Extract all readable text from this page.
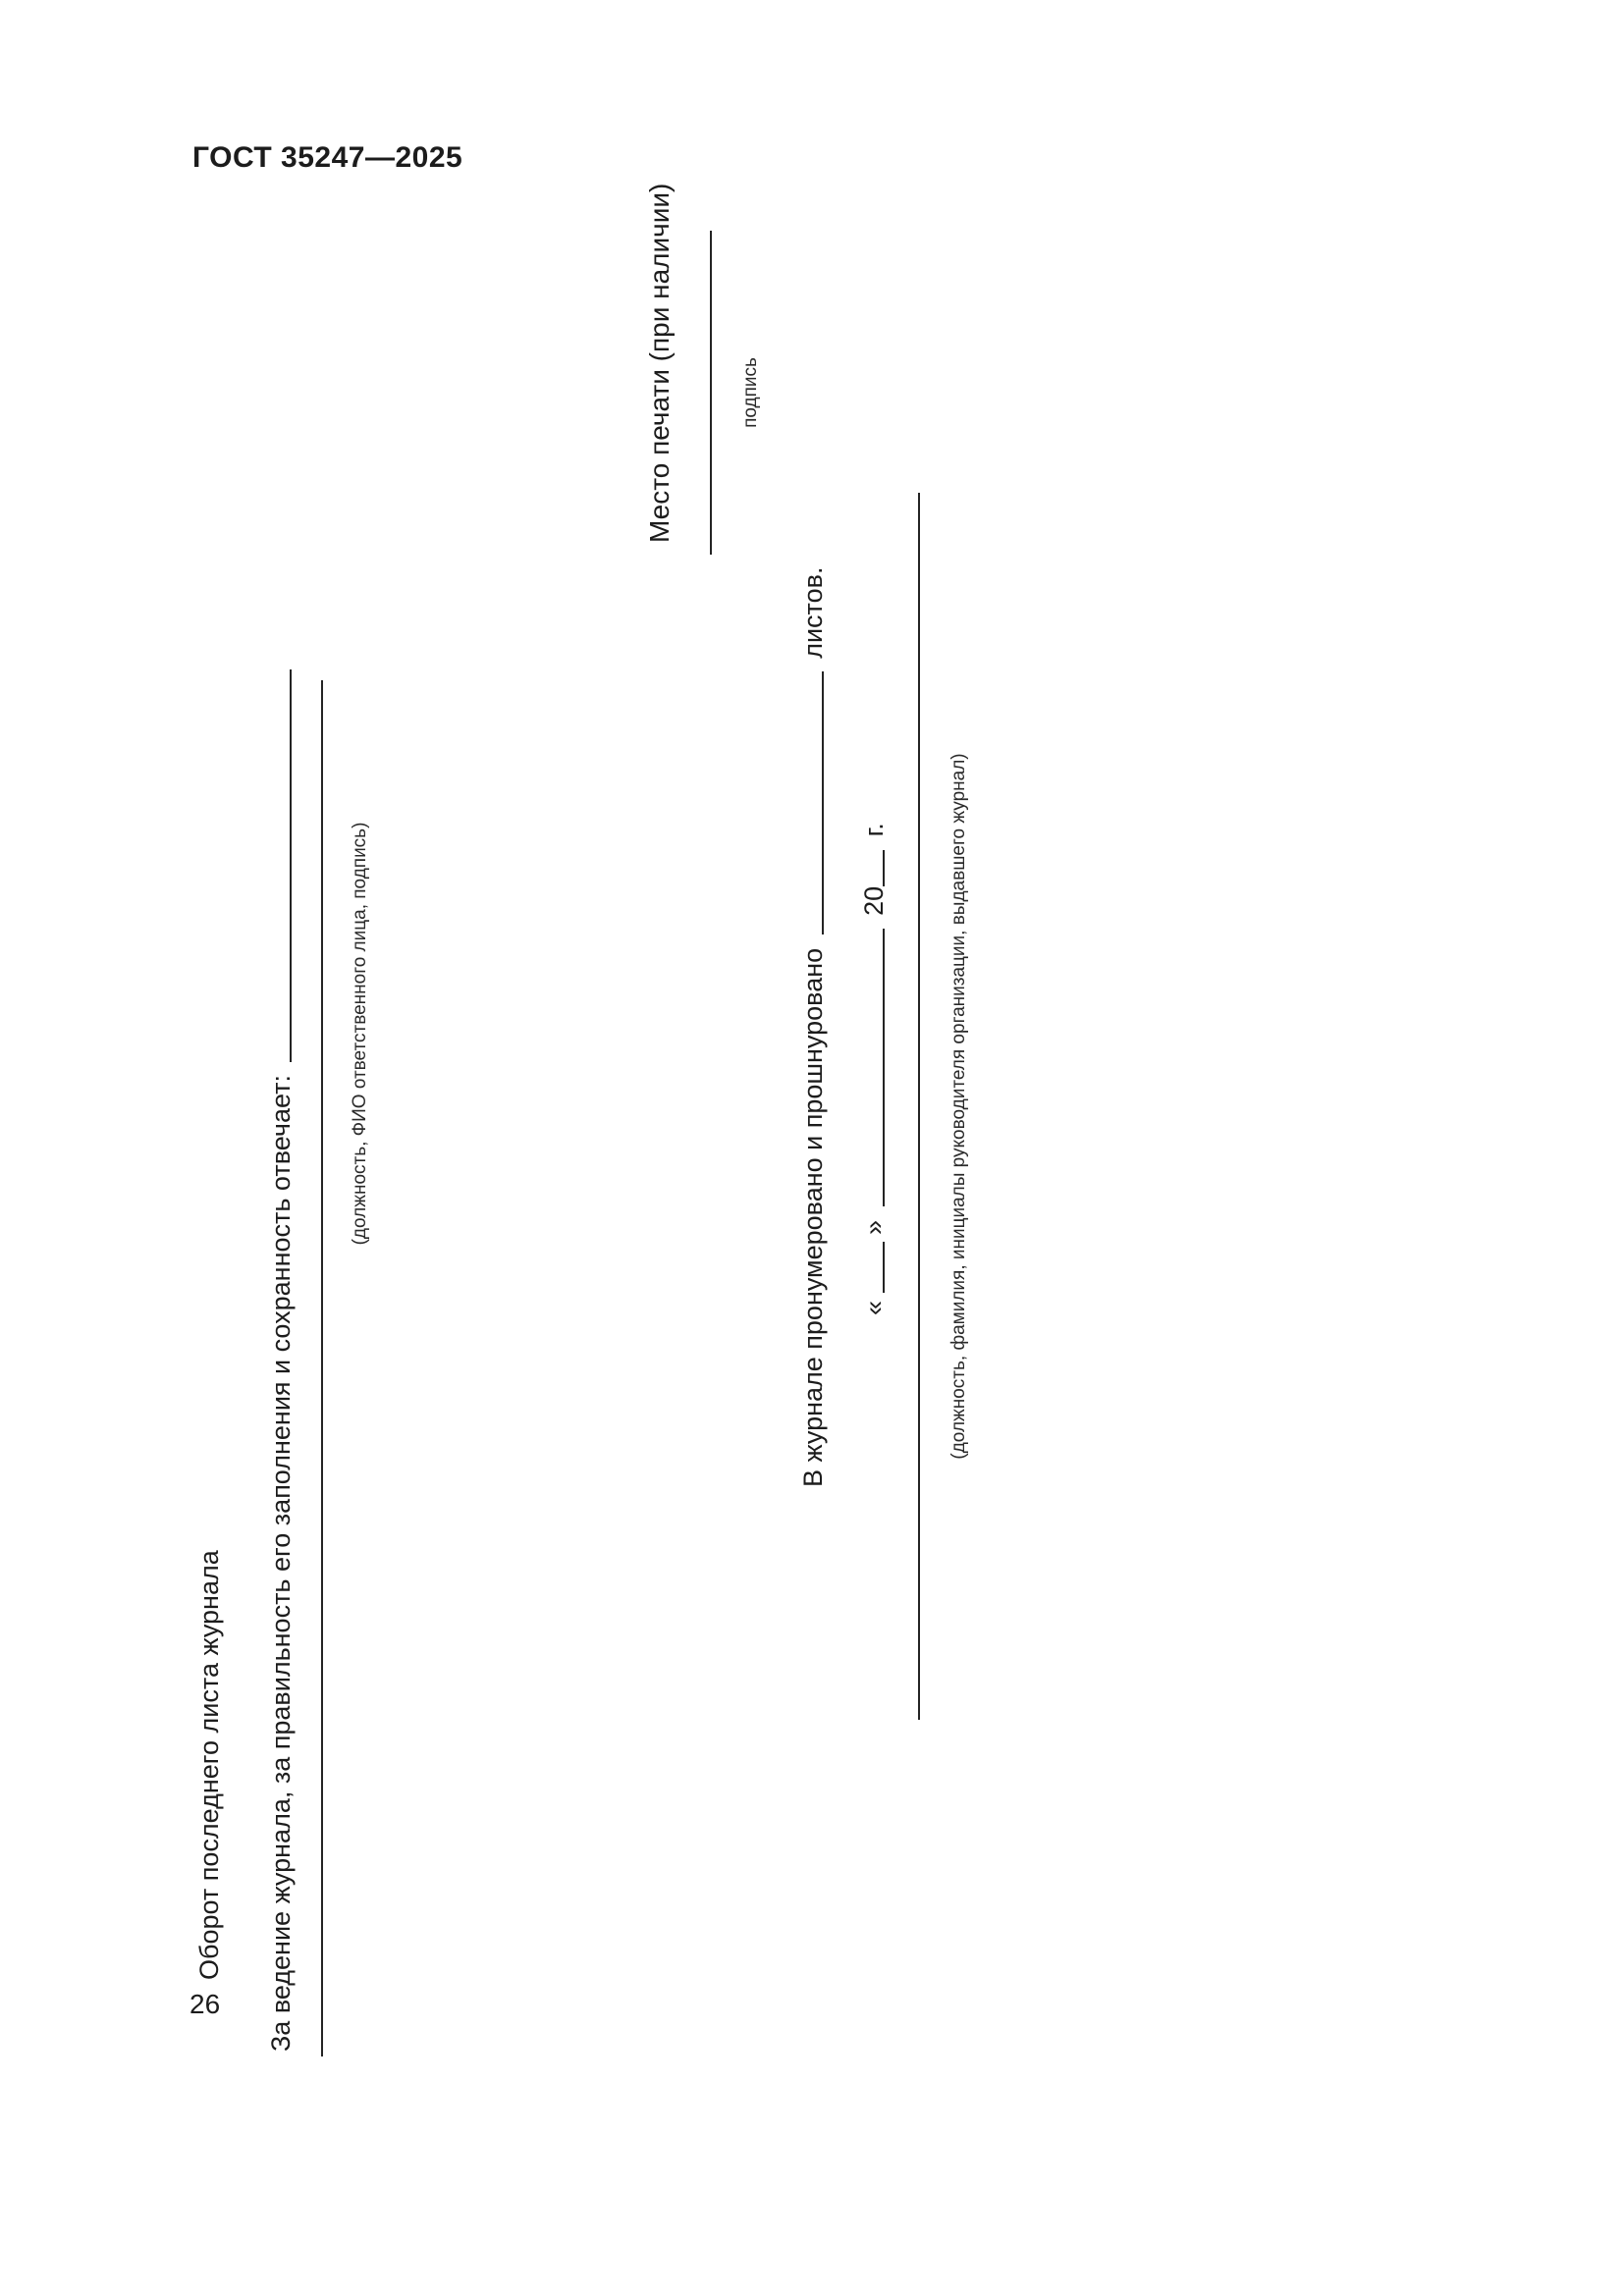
ГОСТ 35247—2025
26
Оборот последнего листа журнала За ведение журнала, за правильность его заполнения и сохранность отвечает:
(должность, ФИО ответственного лица, подпись)
Место печати (при наличии)	подпись
В журнале пронумеровано и прошнуровано  листов.
«  »  20 г.	(должность, фамилия, инициалы руководителя организации, выдавшего журнал)
